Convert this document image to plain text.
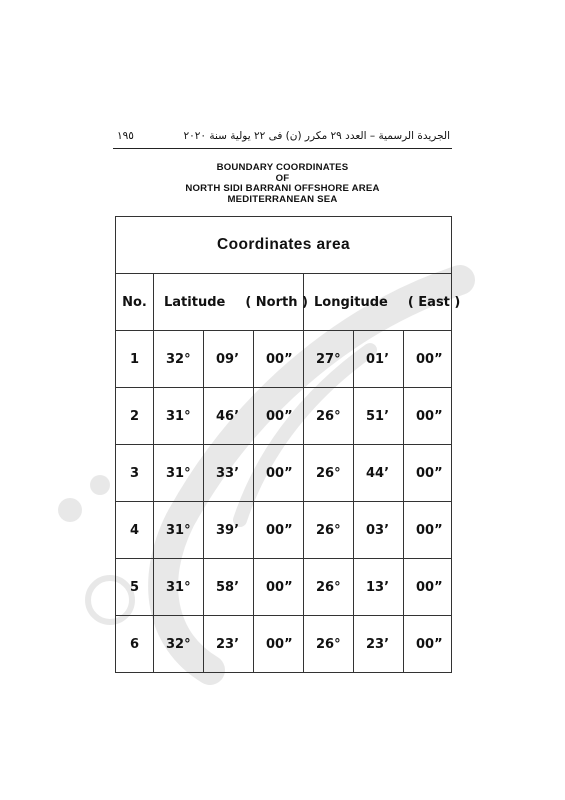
١٩٥	الجريدة الرسمية – العدد ٢٩ مكرر (ن) فى ٢٢ يولية سنة ٢٠٢٠
BOUNDARY COORDINATES
OF
NORTH SIDI BARRANI OFFSHORE AREA
MEDITERRANEAN SEA
Coordinates area						
No.	Latitude ( North )			Longitude ( East )		
1	32°	09’	00”	27°	01’	00”
2	31°	46’	00”	26°	51’	00”
3	31°	33’	00”	26°	44’	00”
4	31°	39’	00”	26°	03’	00”
5	31°	58’	00”	26°	13’	00”
6	32°	23’	00”	26°	23’	00”
